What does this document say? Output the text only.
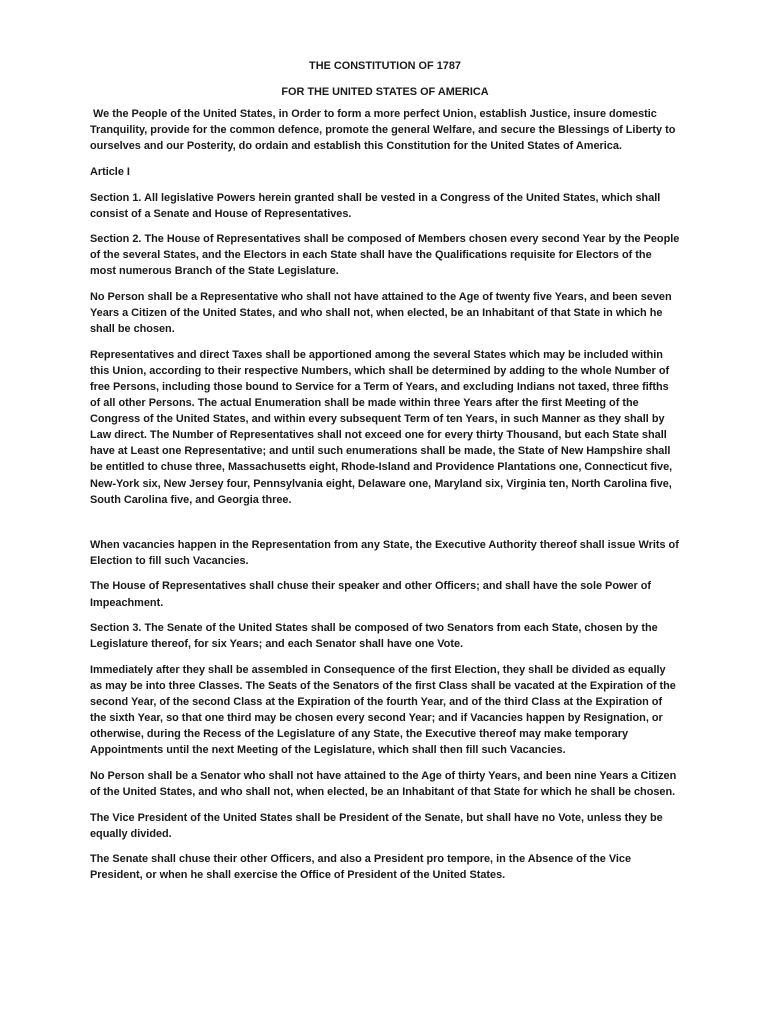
THE CONSTITUTION OF 1787

FOR THE UNITED STATES OF AMERICA

We the People of the United States, in Order to form a more perfect Union, establish Justice, insure domestic Tranquility, provide for the common defence, promote the general Welfare, and secure the Blessings of Liberty to ourselves and our Posterity, do ordain and establish this Constitution for the United States of America.

Article I

Section 1. All legislative Powers herein granted shall be vested in a Congress of the United States, which shall consist of a Senate and House of Representatives.

Section 2. The House of Representatives shall be composed of Members chosen every second Year by the People of the several States, and the Electors in each State shall have the Qualifications requisite for Electors of the most numerous Branch of the State Legislature.

No Person shall be a Representative who shall not have attained to the Age of twenty five Years, and been seven Years a Citizen of the United States, and who shall not, when elected, be an Inhabitant of that State in which he shall be chosen.

Representatives and direct Taxes shall be apportioned among the several States which may be included within this Union, according to their respective Numbers, which shall be determined by adding to the whole Number of free Persons, including those bound to Service for a Term of Years, and excluding Indians not taxed, three fifths of all other Persons. The actual Enumeration shall be made within three Years after the first Meeting of the Congress of the United States, and within every subsequent Term of ten Years, in such Manner as they shall by Law direct. The Number of Representatives shall not exceed one for every thirty Thousand, but each State shall have at Least one Representative; and until such enumerations shall be made, the State of New Hampshire shall be entitled to chuse three, Massachusetts eight, Rhode-Island and Providence Plantations one, Connecticut five, New-York six, New Jersey four, Pennsylvania eight, Delaware one, Maryland six, Virginia ten, North Carolina five, South Carolina five, and Georgia three.

When vacancies happen in the Representation from any State, the Executive Authority thereof shall issue Writs of Election to fill such Vacancies.

The House of Representatives shall chuse their speaker and other Officers; and shall have the sole Power of Impeachment.

Section 3. The Senate of the United States shall be composed of two Senators from each State, chosen by the Legislature thereof, for six Years; and each Senator shall have one Vote.

Immediately after they shall be assembled in Consequence of the first Election, they shall be divided as equally as may be into three Classes. The Seats of the Senators of the first Class shall be vacated at the Expiration of the second Year, of the second Class at the Expiration of the fourth Year, and of the third Class at the Expiration of the sixth Year, so that one third may be chosen every second Year; and if Vacancies happen by Resignation, or otherwise, during the Recess of the Legislature of any State, the Executive thereof may make temporary Appointments until the next Meeting of the Legislature, which shall then fill such Vacancies.

No Person shall be a Senator who shall not have attained to the Age of thirty Years, and been nine Years a Citizen of the United States, and who shall not, when elected, be an Inhabitant of that State for which he shall be chosen.

The Vice President of the United States shall be President of the Senate, but shall have no Vote, unless they be equally divided.

The Senate shall chuse their other Officers, and also a President pro tempore, in the Absence of the Vice President, or when he shall exercise the Office of President of the United States.
